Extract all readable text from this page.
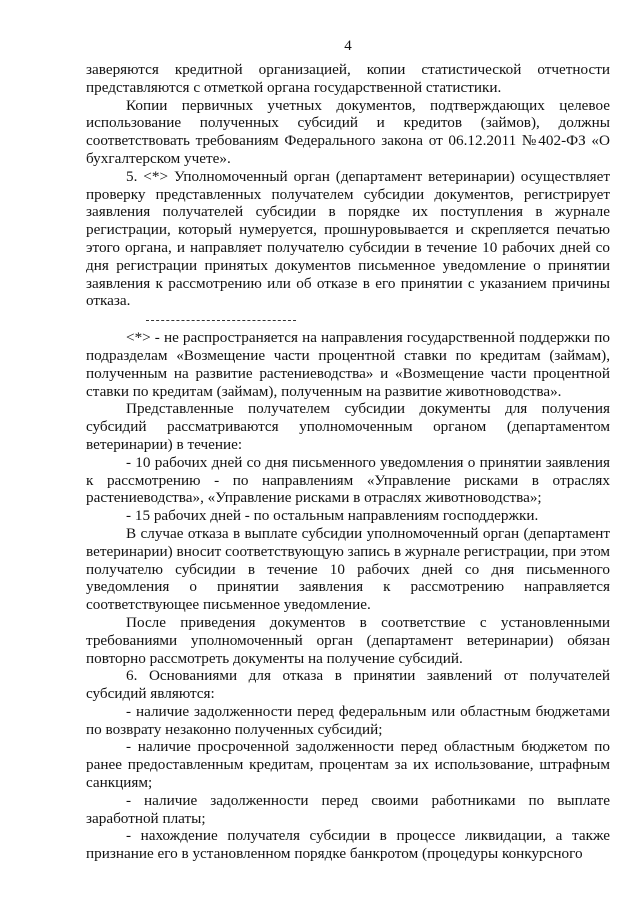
4

заверяются кредитной организацией, копии статистической отчетности представляются с отметкой органа государственной статистики.

Копии первичных учетных документов, подтверждающих целевое использование полученных субсидий и кредитов (займов), должны соответствовать требованиям Федерального закона от 06.12.2011 №402-ФЗ «О бухгалтерском учете».

5. <*> Уполномоченный орган (департамент ветеринарии) осуществляет проверку представленных получателем субсидии документов, регистрирует заявления получателей субсидии в порядке их поступления в журнале регистрации, который нумеруется, прошнуровывается и скрепляется печатью этого органа, и направляет получателю субсидии в течение 10 рабочих дней со дня регистрации принятых документов письменное уведомление о принятии заявления к рассмотрению или об отказе в его принятии с указанием причины отказа.

<*> - не распространяется на направления государственной поддержки по подразделам «Возмещение части процентной ставки по кредитам (займам), полученным на развитие растениеводства» и «Возмещение части процентной ставки по кредитам (займам), полученным на развитие животноводства».

Представленные получателем субсидии документы для получения субсидий рассматриваются уполномоченным органом (департаментом ветеринарии) в течение:

- 10 рабочих дней со дня письменного уведомления о принятии заявления к рассмотрению - по направлениям «Управление рисками в отраслях растениеводства», «Управление рисками в отраслях животноводства»;

- 15 рабочих дней - по остальным направлениям господдержки.

В случае отказа в выплате субсидии уполномоченный орган (департамент ветеринарии) вносит соответствующую запись в журнале регистрации, при этом получателю субсидии в течение 10 рабочих дней со дня письменного уведомления о принятии заявления к рассмотрению направляется соответствующее письменное уведомление.

После приведения документов в соответствие с установленными требованиями уполномоченный орган (департамент ветеринарии) обязан повторно рассмотреть документы на получение субсидий.

6. Основаниями для отказа в принятии заявлений от получателей субсидий являются:

- наличие задолженности перед федеральным или областным бюджетами по возврату незаконно полученных субсидий;

- наличие просроченной задолженности перед областным бюджетом по ранее предоставленным кредитам, процентам за их использование, штрафным санкциям;

- наличие задолженности перед своими работниками по выплате заработной платы;

- нахождение получателя субсидии в процессе ликвидации, а также признание его в установленном порядке банкротом (процедуры конкурсного
